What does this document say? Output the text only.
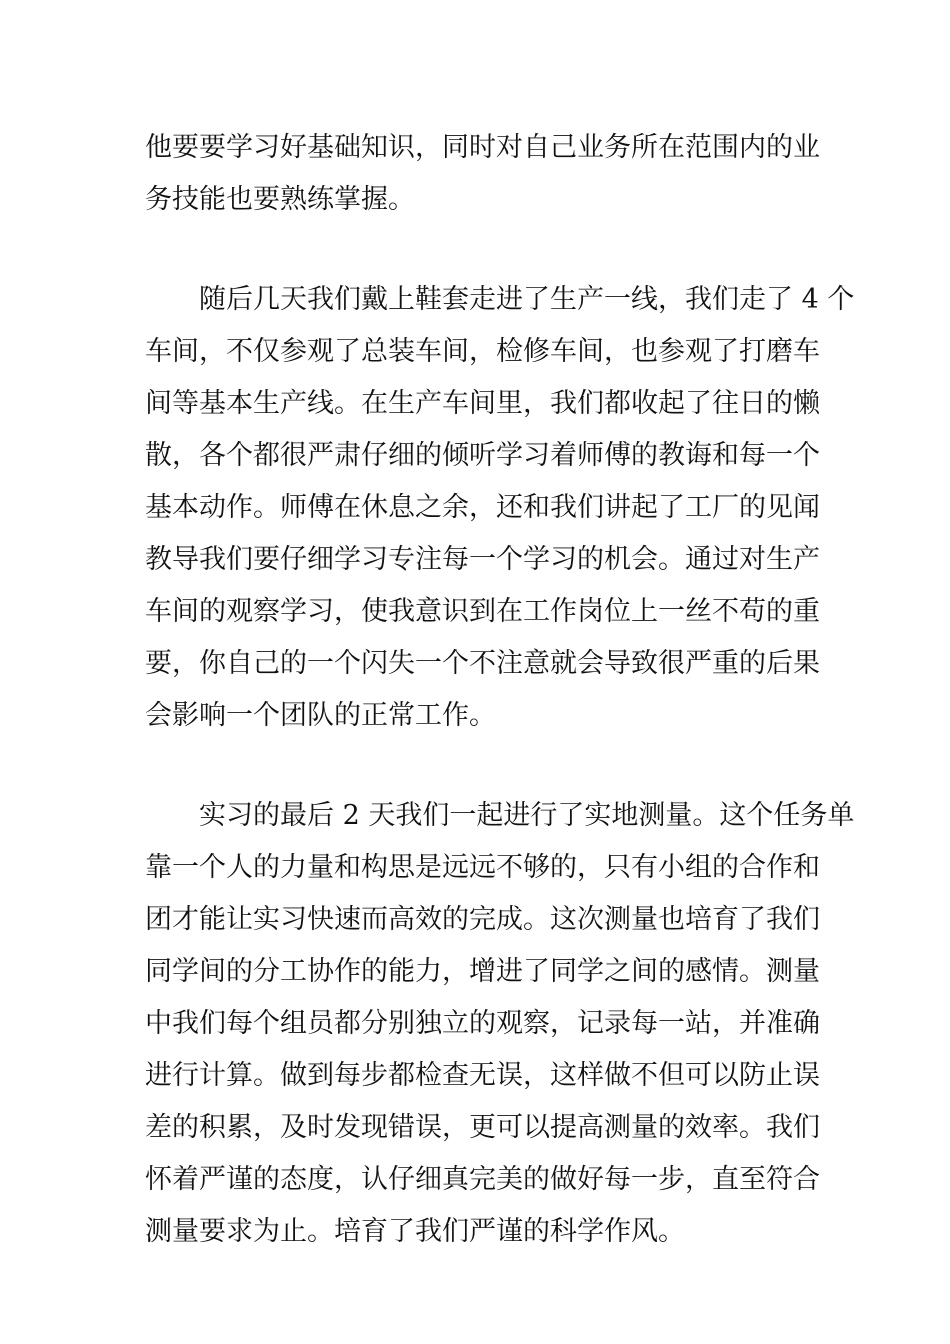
他要要学习好基础知识，同时对自己业务所在范围内的业
务技能也要熟练掌握。
　　随后几天我们戴上鞋套走进了生产一线，我们走了 4 个
车间，不仅参观了总装车间，检修车间，也参观了打磨车
间等基本生产线。在生产车间里，我们都收起了往日的懒
散，各个都很严肃仔细的倾听学习着师傅的教诲和每一个
基本动作。师傅在休息之余，还和我们讲起了工厂的见闻
教导我们要仔细学习专注每一个学习的机会。通过对生产
车间的观察学习，使我意识到在工作岗位上一丝不苟的重
要，你自己的一个闪失一个不注意就会导致很严重的后果
会影响一个团队的正常工作。
　　实习的最后 2 天我们一起进行了实地测量。这个任务单
靠一个人的力量和构思是远远不够的，只有小组的合作和
团才能让实习快速而高效的完成。这次测量也培育了我们
同学间的分工协作的能力，增进了同学之间的感情。测量
中我们每个组员都分别独立的观察，记录每一站，并准确
进行计算。做到每步都检查无误，这样做不但可以防止误
差的积累，及时发现错误，更可以提高测量的效率。我们
怀着严谨的态度，认仔细真完美的做好每一步，直至符合
测量要求为止。培育了我们严谨的科学作风。
